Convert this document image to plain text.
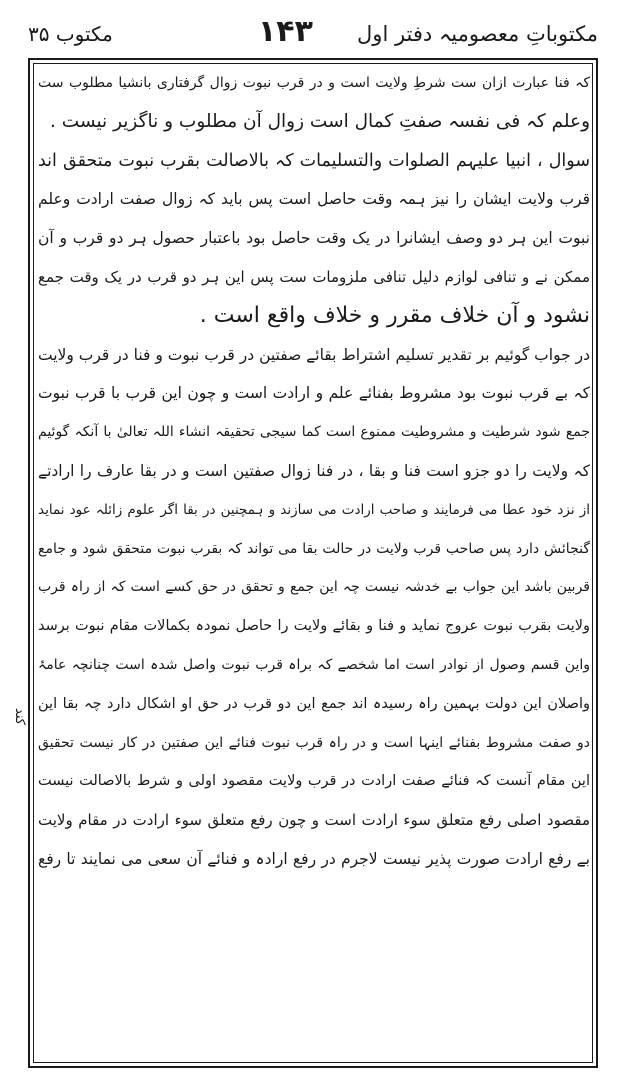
مکتوباتِ معصومیہ دفتر اول
۱۴۳
مکتوب ۳۵
کند
کہ فنا عبارت ازان ست شرطِ ولایت است و در قرب نبوت زوال گرفتاری بانشیا مطلوب ست
وعلم کہ فی نفسہ صفتِ کمال است زوال آن مطلوب و ناگزیر نیست .
سوال ، انبیا علیہم الصلوات والتسلیمات کہ بالاصالت بقرب نبوت متحقق اند
قرب ولایت ایشان را نیز ہمہ وقت حاصل است پس باید کہ زوال صفت ارادت وعلم
نبوت این ہر دو وصف ایشانرا در یک وقت حاصل بود باعتبار حصول ہر دو قرب و آن
ممکن نے و تنافی لوازم دلیل تنافی ملزومات ست پس این ہر دو قرب در یک وقت جمع
نشود و آن خلاف مقرر و خلاف واقع است .
در جواب گوئیم بر تقدیر تسلیم اشتراط بقائے صفتین در قرب نبوت و فنا در قرب ولایت
کہ بے قرب نبوت بود مشروط بفنائے علم و ارادت است و چون این قرب با قرب نبوت
جمع شود شرطیت و مشروطیت ممنوع است کما سیجی تحقیقہ انشاء اللہ تعالیٰ با آنکہ گوئیم
کہ ولایت را دو جزو است فنا و بقا ، در فنا زوال صفتین است و در بقا عارف را ارادتے
از نزد خود عطا می فرمایند و صاحب ارادت می سازند و ہمچنین در بقا اگر علوم زائلہ عود نماید
گنجائش دارد پس صاحب قرب ولایت در حالت بقا می تواند کہ بقرب نبوت متحقق شود و جامع
قربین باشد این جواب بے خدشہ نیست چہ این جمع و تحقق در حق کسے است کہ از راہ قرب
ولایت بقرب نبوت عروج نماید و فنا و بقائے ولایت را حاصل نمودہ بکمالات مقام نبوت برسد
واین قسم وصول از نوادر است اما شخصے کہ براہ قرب نبوت واصل شدہ است چنانچہ عامۂ
واصلان این دولت بہمین راہ رسیدہ اند جمع این دو قرب در حق او اشکال دارد چہ بقا این
دو صفت مشروط بفنائے اینہا است و در راہ قرب نبوت فنائے این صفتین در کار نیست تحقیق
این مقام آنست کہ فنائے صفت ارادت در قرب ولایت مقصود اولی و شرط بالاصالت نیست
مقصود اصلی رفع متعلق سوء ارادت است و چون رفع متعلق سوء ارادت در مقام ولایت
بے رفع ارادت صورت پذیر نیست لاجرم در رفع ارادہ و فنائے آن سعی می نمایند تا رفع
